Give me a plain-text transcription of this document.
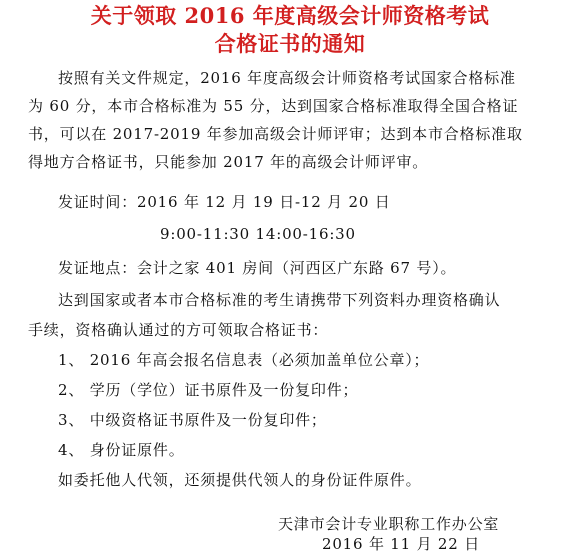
关于领取 2016 年度高级会计师资格考试
合格证书的通知
按照有关文件规定，2016 年度高级会计师资格考试国家合格标准
为 60 分，本市合格标准为 55 分，达到国家合格标准取得全国合格证
书，可以在 2017-2019 年参加高级会计师评审；达到本市合格标准取
得地方合格证书，只能参加 2017 年的高级会计师评审。
发证时间：2016 年 12 月 19 日-12 月 20 日
9:00-11:30 14:00-16:30
发证地点：会计之家 401 房间（河西区广东路 67 号）。
达到国家或者本市合格标准的考生请携带下列资料办理资格确认
手续，资格确认通过的方可领取合格证书：
1、 2016 年高会报名信息表（必须加盖单位公章）；
2、 学历（学位）证书原件及一份复印件；
3、 中级资格证书原件及一份复印件；
4、 身份证原件。
如委托他人代领，还须提供代领人的身份证件原件。
天津市会计专业职称工作办公室
2016 年 11 月 22 日
